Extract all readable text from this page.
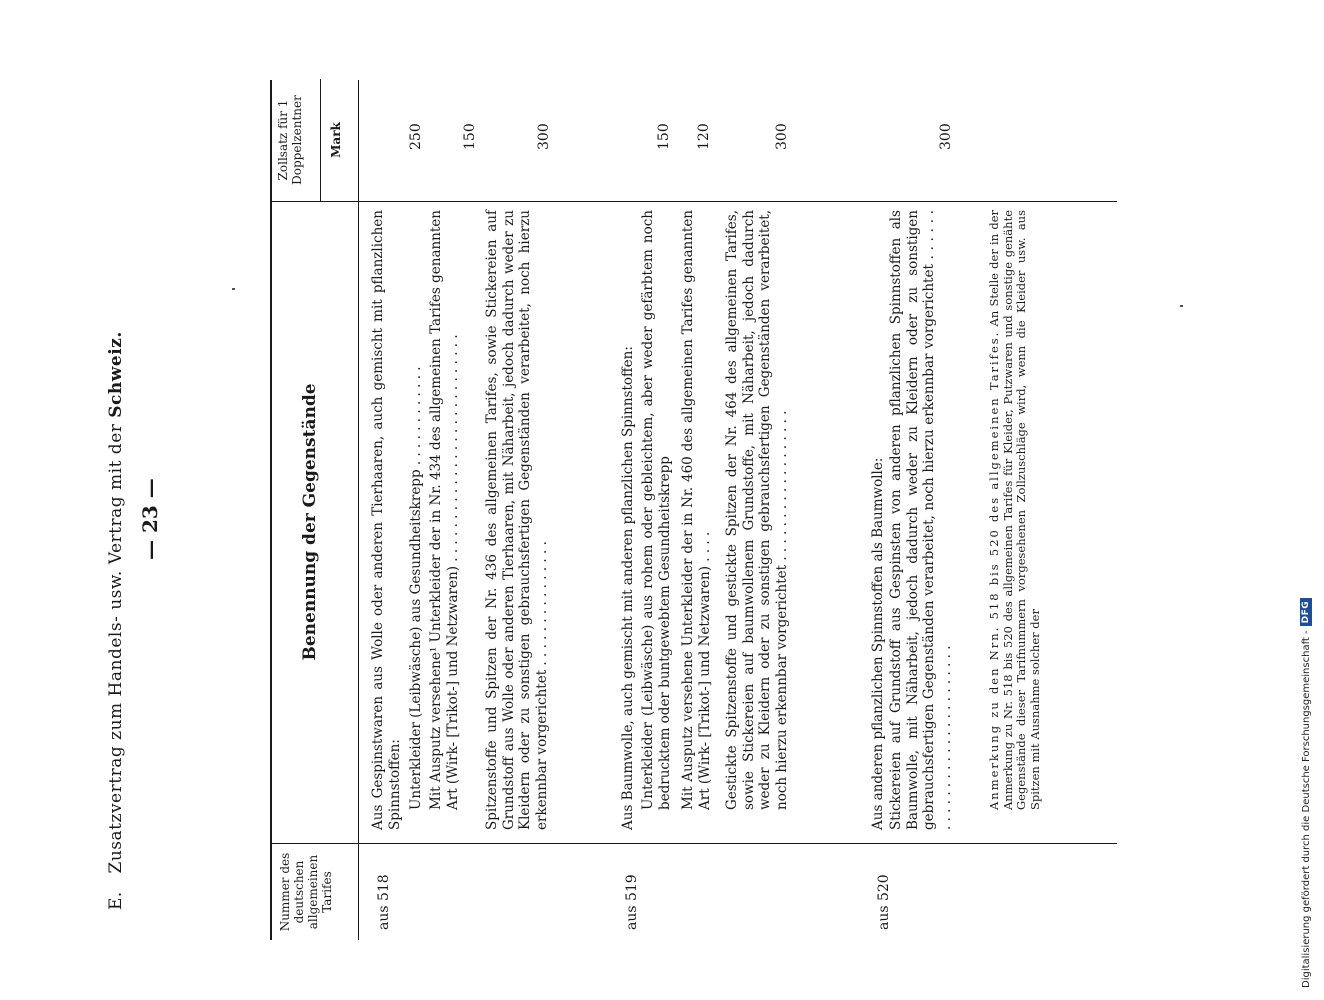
E.   Zusatzvertrag zum Handels- usw. Vertrag mit der Schweiz.
— 23 —
Nummer des deutschen allgemeinen Tarifes
Benennung der Gegenstände
Zollsatz für 1 Doppelzentner	Mark
aus 518
Aus Gespinstwaren aus Wolle oder anderen Tierhaaren, auch gemischt mit pflanzlichen Spinnstoffen: Unterkleider (Leibwäsche) aus Gesundheitskrepp . . . . . . . . . . . .
250
Mit Ausputz versehene¹ Unterkleider der in Nr. 434 des allgemeinen Tarifes genannten Art (Wirk- [Trikot-] und Netzwaren) . . . . . . . . . . . . . . . . . . . . . . . . . . .
150
Spitzenstoffe und Spitzen der Nr. 436 des allgemeinen Tarifes, sowie Stickereien auf Grundstoff aus Wolle oder anderen Tierhaaren, mit Näharbeit, jedoch dadurch weder zu Kleidern oder zu sonstigen gebrauchsfertigen Gegenständen verarbeitet, noch hierzu erkennbar vorgerichtet . . . . . . . . . . . . . . .
300
aus 519
Aus Baumwolle, auch gemischt mit anderen pflanzlichen Spinnstoffen: Unterkleider (Leibwäsche) aus rohem oder gebleichtem, aber weder gefärbtem noch bedrucktem oder buntgewebtem Gesundheitskrepp
150
Mit Ausputz versehene Unterkleider der in Nr. 460 des allgemeinen Tarifes genannten Art (Wirk- [Trikot-] und Netzwaren) . . . .
120
Gestickte Spitzenstoffe und gestickte Spitzen der Nr. 464 des allgemeinen Tarifes, sowie Stickereien auf baumwollenem Grundstoffe, mit Näharbeit, jedoch dadurch weder zu Kleidern oder zu sonstigen gebrauchsfertigen Gegenständen verarbeitet, noch hierzu erkennbar vorgerichtet . . . . . . . . . . . . . . . . . .
300
aus 520
Aus anderen pflanzlichen Spinnstoffen als Baumwolle: Stickereien auf Grundstoff aus Gespinsten von anderen pflanzlichen Spinnstoffen als Baumwolle, mit Näharbeit, jedoch dadurch weder zu Kleidern oder zu sonstigen gebrauchsfertigen Gegenständen verarbeitet, noch hierzu erkennbar vorgerichtet . . . . . . . . . . . . . . . . . . . . . . . . . . . .
300
Anmerkung zu den Nrn. 518 bis 520 des allgemeinen Tarifes. An Stelle der in der Anmerkung zu Nr. 518 bis 520 des allgemeinen Tarifes für Kleider, Putzwaren und sonstige genähte Gegenstände dieser Tarifnummern vorgesehenen Zollzuschläge wird, wenn die Kleider usw. aus Spitzen mit Ausnahme solcher der	Digitalisierung gefördert durch die Deutsche Forschungsgemeinschaft -
DFG
